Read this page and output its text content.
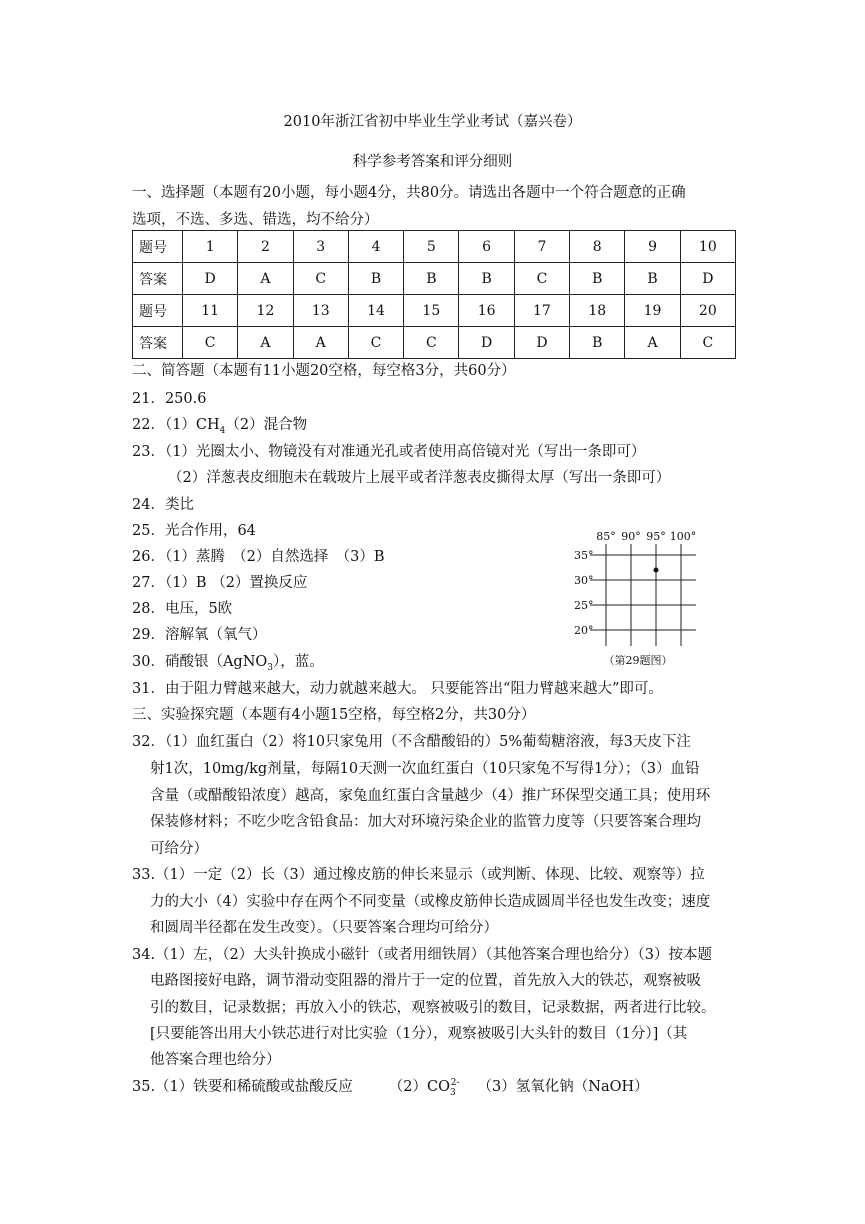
2010年浙江省初中毕业生学业考试（嘉兴卷）
科学参考答案和评分细则
一、选择题（本题有20小题，每小题4分，共80分。请选出各题中一个符合题意的正确
选项，不选、多选、错选，均不给分）
题号	1	2	3	4	5	6	7	8	9	10
答案	D	A	C	B	B	B	C	B	B	D
题号	11	12	13	14	15	16	17	18	19	20
答案	C	A	A	C	C	D	D	B	A	C
二、简答题（本题有11小题20空格，每空格3分，共60分）
21．250.6
22．$(1)CH_4(2)$混合物
23．（1）光圈太小、物镜没有对准通光孔或者使用高倍镜对光（写出一条即可）
（2）洋葱表皮细胞未在载玻片上展平或者洋葱表皮撕得太厚（写出一条即可）
24．类比
25．光合作用，64
26．（1）蒸腾　（2）自然选择　（3）B
27．（1）B （2）置换反应
28．电压，5欧
29．溶解氧（氧气）
30．硝酸银（AgNO$_3$），蓝。
31．由于阻力臂越来越大，动力就越来越大。 只要能答出“阻力臂越来越大”即可。
85° 90° 95° 100°
35°
30°
25°
20°
（第29题图）
三、实验探究题（本题有4小题15空格，每空格2分，共30分）
32．（1）血红蛋白（2）将10只家兔用（不含醋酸铅的）5%葡萄糖溶液，每3天皮下注
射1次，10mg/kg剂量，每隔10天测一次血红蛋白（10只家兔不写得1分）；（3）血铅
含量（或醋酸铅浓度）越高，家兔血红蛋白含量越少（4）推广环保型交通工具；使用环
保装修材料；不吃少吃含铅食品：加大对环境污染企业的监管力度等（只要答案合理均
可给分）
33.（1）一定（2）长（3）通过橡皮筋的伸长来显示（或判断、体现、比较、观察等）拉
力的大小（4）实验中存在两个不同变量（或橡皮筋伸长造成圆周半径也发生改变；速度
和圆周半径都在发生改变）。（只要答案合理均可给分）
34.（1）左，（2）大头针换成小磁针（或者用细铁屑）（其他答案合理也给分）（3）按本题
电路图接好电路，调节滑动变阻器的滑片于一定的位置，首先放入大的铁芯，观察被吸
引的数目，记录数据；再放入小的铁芯，观察被吸引的数目，记录数据，两者进行比较。
[只要能答出用大小铁芯进行对比实验（1分），观察被吸引大头针的数目（1分）]（其
他答案合理也给分）
35.（1）铁要和稀硫酸或盐酸反应 $(2)CO_3^{2-}$ （3）氢氧化钠（NaOH）
